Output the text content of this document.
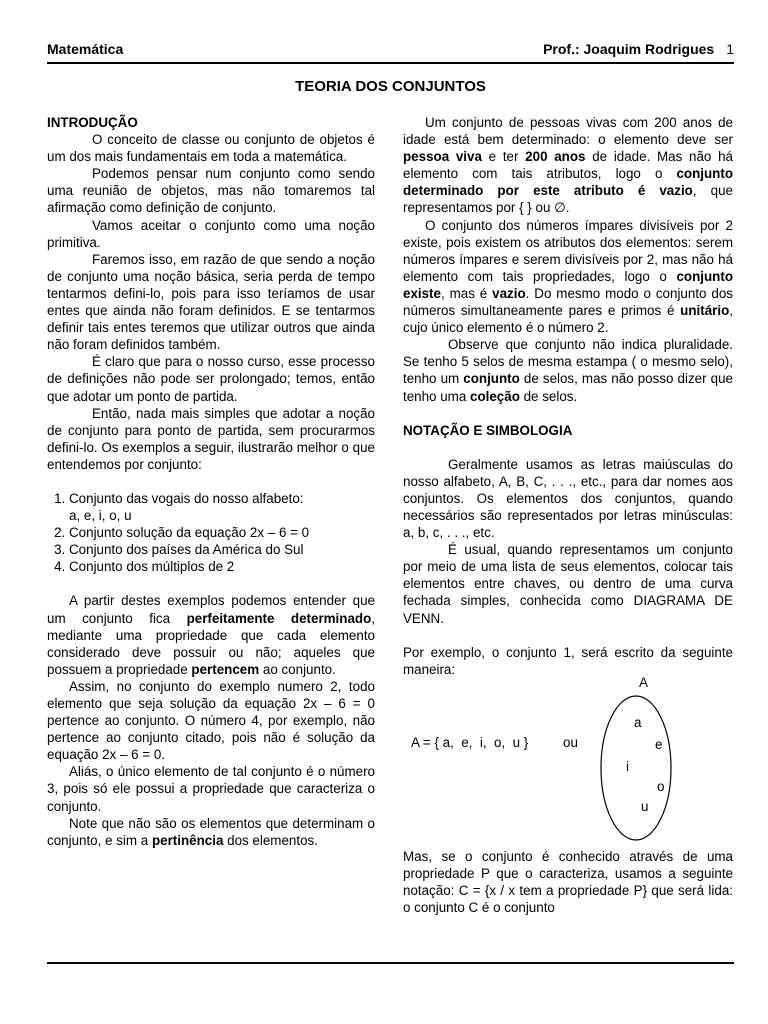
Matemática	Prof.: Joaquim Rodrigues 1
TEORIA DOS CONJUNTOS
INTRODUÇÃO

O conceito de classe ou conjunto de objetos é um dos mais fundamentais em toda a matemática.

Podemos pensar num conjunto como sendo uma reunião de objetos, mas não tomaremos tal afirmação como definição de conjunto.

Vamos aceitar o conjunto como uma noção primitiva.

Faremos isso, em razão de que sendo a noção de conjunto uma noção básica, seria perda de tempo tentarmos defini-lo, pois para isso teríamos de usar entes que ainda não foram definidos. E se tentarmos definir tais entes teremos que utilizar outros que ainda não foram definidos também.

É claro que para o nosso curso, esse processo de definições não pode ser prolongado; temos, então que adotar um ponto de partida.

Então, nada mais simples que adotar a noção de conjunto para ponto de partida, sem procurarmos defini-lo. Os exemplos a seguir, ilustrarão melhor o que entendemos por conjunto:

1. Conjunto das vogais do nosso alfabeto:
a, e, i, o, u
2. Conjunto solução da equação 2x – 6 = 0
3. Conjunto dos países da América do Sul
4. Conjunto dos múltiplos de 2

A partir destes exemplos podemos entender que um conjunto fica perfeitamente determinado, mediante uma propriedade que cada elemento considerado deve possuir ou não; aqueles que possuem a propriedade pertencem ao conjunto.

Assim, no conjunto do exemplo numero 2, todo elemento que seja solução da equação 2x – 6 = 0 pertence ao conjunto. O número 4, por exemplo, não pertence ao conjunto citado, pois não é solução da equação 2x – 6 = 0.

Aliás, o único elemento de tal conjunto é o número 3, pois só ele possui a propriedade que caracteriza o conjunto.

Note que não são os elementos que determinam o conjunto, e sim a pertinência dos elementos.

Um conjunto de pessoas vivas com 200 anos de idade está bem determinado: o elemento deve ser pessoa viva e ter 200 anos de idade. Mas não há elemento com tais atributos, logo o conjunto determinado por este atributo é vazio, que representamos por { } ou ∅.

O conjunto dos números ímpares divisíveis por 2 existe, pois existem os atributos dos elementos: serem números ímpares e serem divisíveis por 2, mas não há elemento com tais propriedades, logo o conjunto existe, mas é vazio. Do mesmo modo o conjunto dos números simultaneamente pares e primos é unitário, cujo único elemento é o número 2.

Observe que conjunto não indica pluralidade. Se tenho 5 selos de mesma estampa ( o mesmo selo), tenho um conjunto de selos, mas não posso dizer que tenho uma coleção de selos.

NOTAÇÃO E SIMBOLOGIA

Geralmente usamos as letras maiúsculas do nosso alfabeto, A, B, C, . . ., etc., para dar nomes aos conjuntos. Os elementos dos conjuntos, quando necessários são representados por letras minúsculas: a, b, c, . . ., etc.

É usual, quando representamos um conjunto por meio de uma lista de seus elementos, colocar tais elementos entre chaves, ou dentro de uma curva fechada simples, conhecida como DIAGRAMA DE VENN.

Por exemplo, o conjunto 1, será escrito da seguinte maneira:

A
A = { a,  e,  i,  o,  u }	ou
a
e
i
o
u

Mas, se o conjunto é conhecido através de uma propriedade P que o caracteriza, usamos a seguinte notação: C = {x / x tem a propriedade P} que será lida: o conjunto C é o conjunto
